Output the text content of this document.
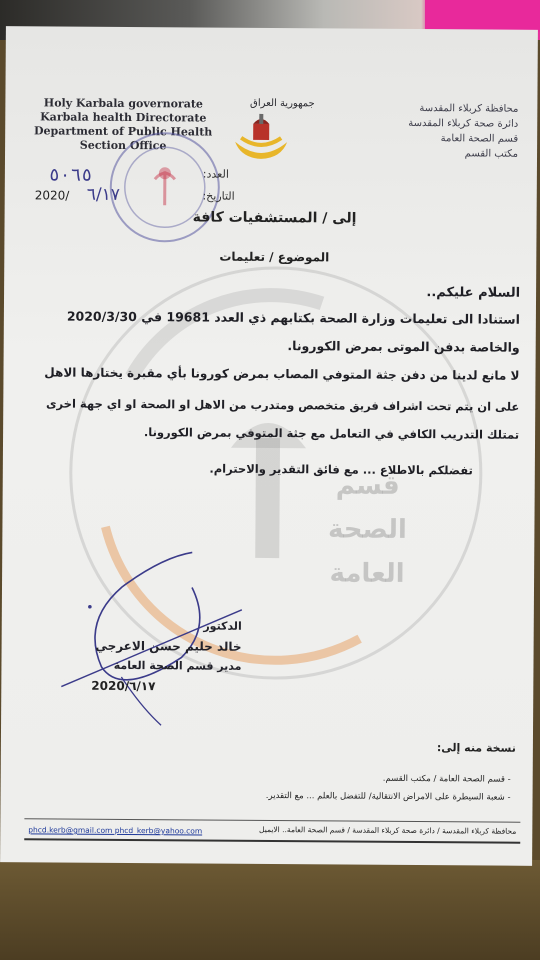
قسم
الصحة
العامة
Holy Karbala governorate
Karbala health Directorate
Department of Public Health
Section Office
محافظة كربلاء المقدسة
دائرة صحة كربلاء المقدسة
قسم الصحة العامة
مكتب القسم
جمهورية العراق
٥٠٦٥	العدد:
2020/ ٦/١٧	التاريخ:
إلى / المستشفيات كافة
الموضوع / تعليمات
السلام عليكم..
استنادا الى تعليمات وزارة الصحة بكتابهم ذي العدد 19681 في 2020/3/30
والخاصة بدفن الموتى بمرض الكورونا.
لا مانع لدينا من دفن جثة المتوفي المصاب بمرض كورونا بأي مقبرة يختارها الاهل
على ان يتم تحت اشراف فريق متخصص ومتدرب من الاهل او الصحة او اي جهة اخرى
تمتلك التدريب الكافي في التعامل مع جثة المتوفي بمرض الكورونا.
تفضلكم بالاطلاع ... مع فائق التقدير والاحترام.
الدكتور
خالد حليم حسن الاعرجي
مدير قسم الصحة العامة
2020/٦/١٧
نسخة منه إلى:
- قسم الصحة العامة / مكتب القسم.
- شعبة السيطرة على الامراض الانتقالية/ للتفضل بالعلم ... مع التقدير.
محافظة كربلاء المقدسة / دائرة صحة كربلاء المقدسة / قسم الصحة العامة.. الايميل
phcd.kerb@gmail.com phcd_kerb@yahoo.com
